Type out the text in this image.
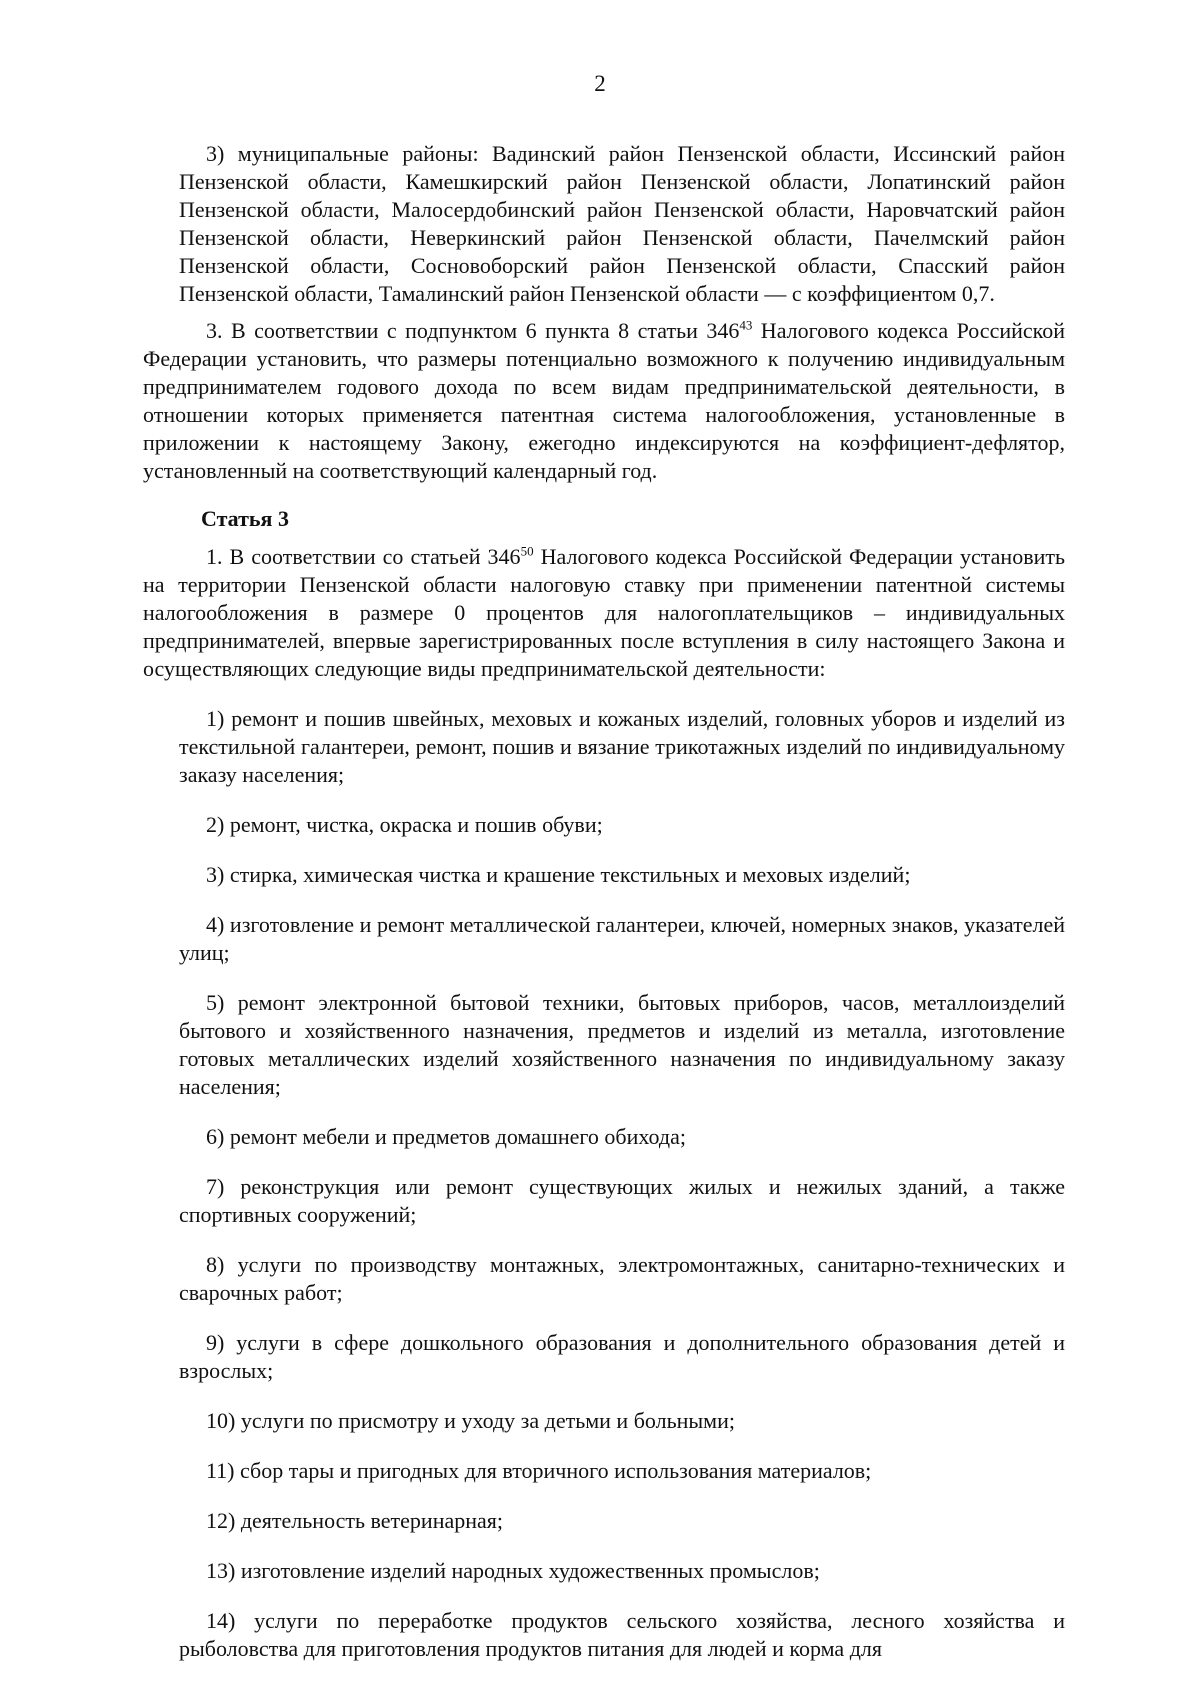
2

3) муниципальные районы: Вадинский район Пензенской области, Иссинский район Пензенской области, Камешкирский район Пензенской области, Лопатинский район Пензенской области, Малосердобинский район Пензенской области, Наровчатский район Пензенской области, Неверкинский район Пензенской области, Пачелмский район Пензенской области, Сосновоборский район Пензенской области, Спасский район Пензенской области, Тамалинский район Пензенской области — с коэффициентом 0,7.

3. В соответствии с подпунктом 6 пункта 8 статьи $346^{43}$ Налогового кодекса Российской Федерации установить, что размеры потенциально возможного к получению индивидуальным предпринимателем годового дохода по всем видам предпринимательской деятельности, в отношении которых применяется патентная система налогообложения, установленные в приложении к настоящему Закону, ежегодно индексируются на коэффициент-дефлятор, установленный на соответствующий календарный год.

Статья 3

1. В соответствии со статьей $346^{50}$ Налогового кодекса Российской Федерации установить на территории Пензенской области налоговую ставку при применении патентной системы налогообложения в размере 0 процентов для налогоплательщиков – индивидуальных предпринимателей, впервые зарегистрированных после вступления в силу настоящего Закона и осуществляющих следующие виды предпринимательской деятельности:

1) ремонт и пошив швейных, меховых и кожаных изделий, головных уборов и изделий из текстильной галантереи, ремонт, пошив и вязание трикотажных изделий по индивидуальному заказу населения;

2) ремонт, чистка, окраска и пошив обуви;

3) стирка, химическая чистка и крашение текстильных и меховых изделий;

4) изготовление и ремонт металлической галантереи, ключей, номерных знаков, указателей улиц;

5) ремонт электронной бытовой техники, бытовых приборов, часов, металлоизделий бытового и хозяйственного назначения, предметов и изделий из металла, изготовление готовых металлических изделий хозяйственного назначения по индивидуальному заказу населения;

6) ремонт мебели и предметов домашнего обихода;

7) реконструкция или ремонт существующих жилых и нежилых зданий, а также спортивных сооружений;

8) услуги по производству монтажных, электромонтажных, санитарно-технических и сварочных работ;

9) услуги в сфере дошкольного образования и дополнительного образования детей и взрослых;

10) услуги по присмотру и уходу за детьми и больными;

11) сбор тары и пригодных для вторичного использования материалов;

12) деятельность ветеринарная;

13) изготовление изделий народных художественных промыслов;

14) услуги по переработке продуктов сельского хозяйства, лесного хозяйства и рыболовства для приготовления продуктов питания для людей и корма для
